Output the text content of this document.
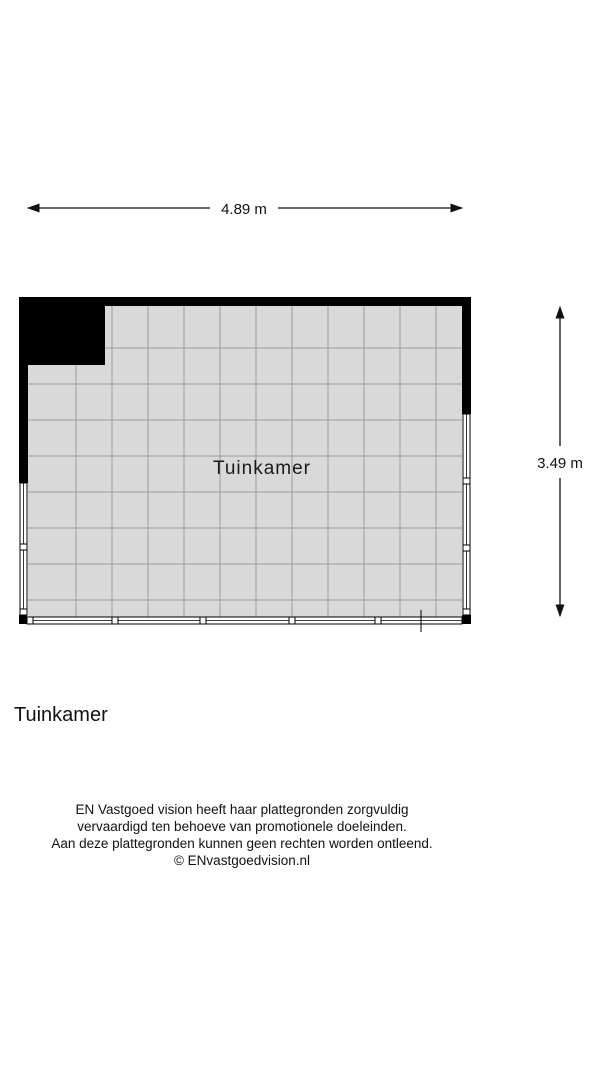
4.89 m
3.49 m
Tuinkamer
Tuinkamer
EN Vastgoed vision heeft haar plattegronden zorgvuldig
vervaardigd ten behoeve van promotionele doeleinden.
Aan deze plattegronden kunnen geen rechten worden ontleend.
© ENvastgoedvision.nl
